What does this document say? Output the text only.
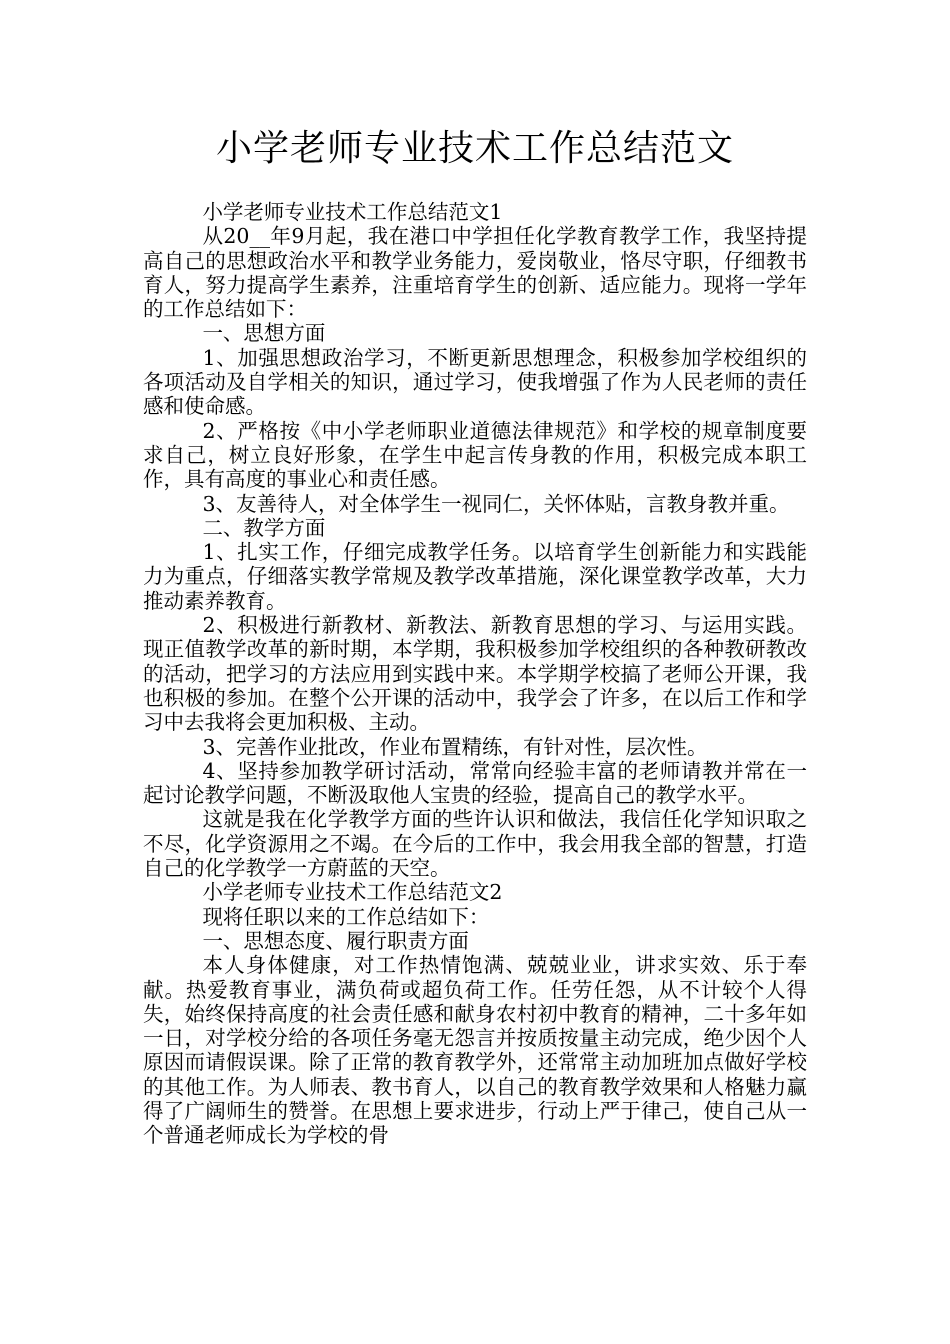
小学老师专业技术工作总结范文

小学老师专业技术工作总结范文1

从20__年9月起，我在港口中学担任化学教育教学工作，我坚持提高自己的思想政治水平和教学业务能力，爱岗敬业，恪尽守职，仔细教书育人，努力提高学生素养，注重培育学生的创新、适应能力。现将一学年的工作总结如下：

一、思想方面

1、加强思想政治学习，不断更新思想理念，积极参加学校组织的各项活动及自学相关的知识，通过学习，使我增强了作为人民老师的责任感和使命感。

2、严格按《中小学老师职业道德法律规范》和学校的规章制度要求自己，树立良好形象，在学生中起言传身教的作用，积极完成本职工作，具有高度的事业心和责任感。

3、友善待人，对全体学生一视同仁，关怀体贴，言教身教并重。

二、教学方面

1、扎实工作，仔细完成教学任务。以培育学生创新能力和实践能力为重点，仔细落实教学常规及教学改革措施，深化课堂教学改革，大力推动素养教育。

2、积极进行新教材、新教法、新教育思想的学习、与运用实践。现正值教学改革的新时期，本学期，我积极参加学校组织的各种教研教改的活动，把学习的方法应用到实践中来。本学期学校搞了老师公开课，我也积极的参加。在整个公开课的活动中，我学会了许多，在以后工作和学习中去我将会更加积极、主动。

3、完善作业批改，作业布置精练，有针对性，层次性。

4、坚持参加教学研讨活动，常常向经验丰富的老师请教并常在一起讨论教学问题，不断汲取他人宝贵的经验，提高自己的教学水平。

这就是我在化学教学方面的些许认识和做法，我信任化学知识取之不尽，化学资源用之不竭。在今后的工作中，我会用我全部的智慧，打造自己的化学教学一方蔚蓝的天空。

小学老师专业技术工作总结范文2

现将任职以来的工作总结如下：

一、思想态度、履行职责方面

本人身体健康，对工作热情饱满、兢兢业业，讲求实效、乐于奉献。热爱教育事业，满负荷或超负荷工作。任劳任怨，从不计较个人得失，始终保持高度的社会责任感和献身农村初中教育的精神，二十多年如一日，对学校分给的各项任务毫无怨言并按质按量主动完成，绝少因个人原因而请假误课。除了正常的教育教学外，还常常主动加班加点做好学校的其他工作。为人师表、教书育人，以自己的教育教学效果和人格魅力赢得了广阔师生的赞誉。在思想上要求进步，行动上严于律己，使自己从一个普通老师成长为学校的骨
